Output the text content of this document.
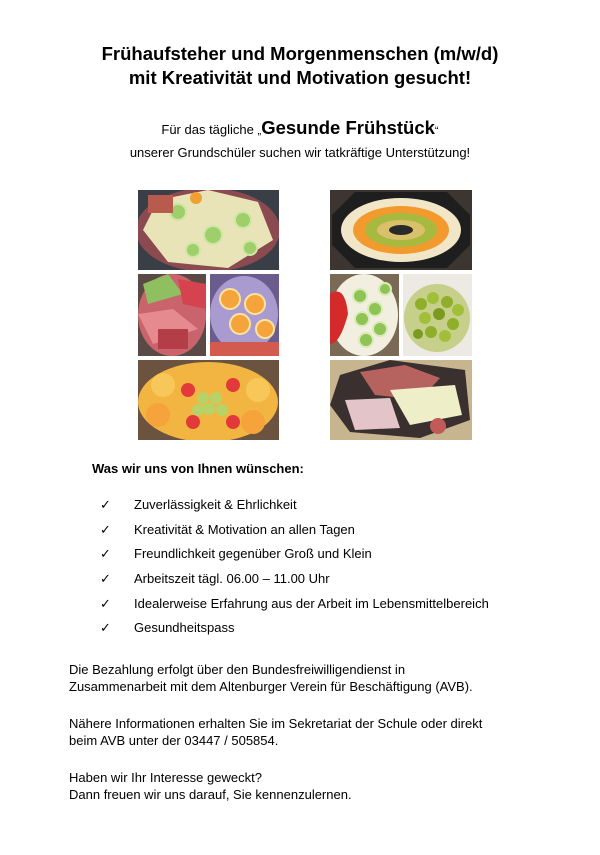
Frühaufsteher und Morgenmenschen (m/w/d)
mit Kreativität und Motivation gesucht!
Für das tägliche „Gesunde Frühstück“
unserer Grundschüler suchen wir tatkräftige Unterstützung!
Was wir uns von Ihnen wünschen:
✓	Zuverlässigkeit & Ehrlichkeit
✓	Kreativität & Motivation an allen Tagen
✓	Freundlichkeit gegenüber Groß und Klein
✓	Arbeitszeit tägl. 06.00 – 11.00 Uhr
✓	Idealerweise Erfahrung aus der Arbeit im Lebensmittelbereich
✓	Gesundheitspass
Die Bezahlung erfolgt über den Bundesfreiwilligendienst in
Zusammenarbeit mit dem Altenburger Verein für Beschäftigung (AVB).
Nähere Informationen erhalten Sie im Sekretariat der Schule oder direkt
beim AVB unter der 03447 / 505854.
Haben wir Ihr Interesse geweckt?
Dann freuen wir uns darauf, Sie kennenzulernen.
